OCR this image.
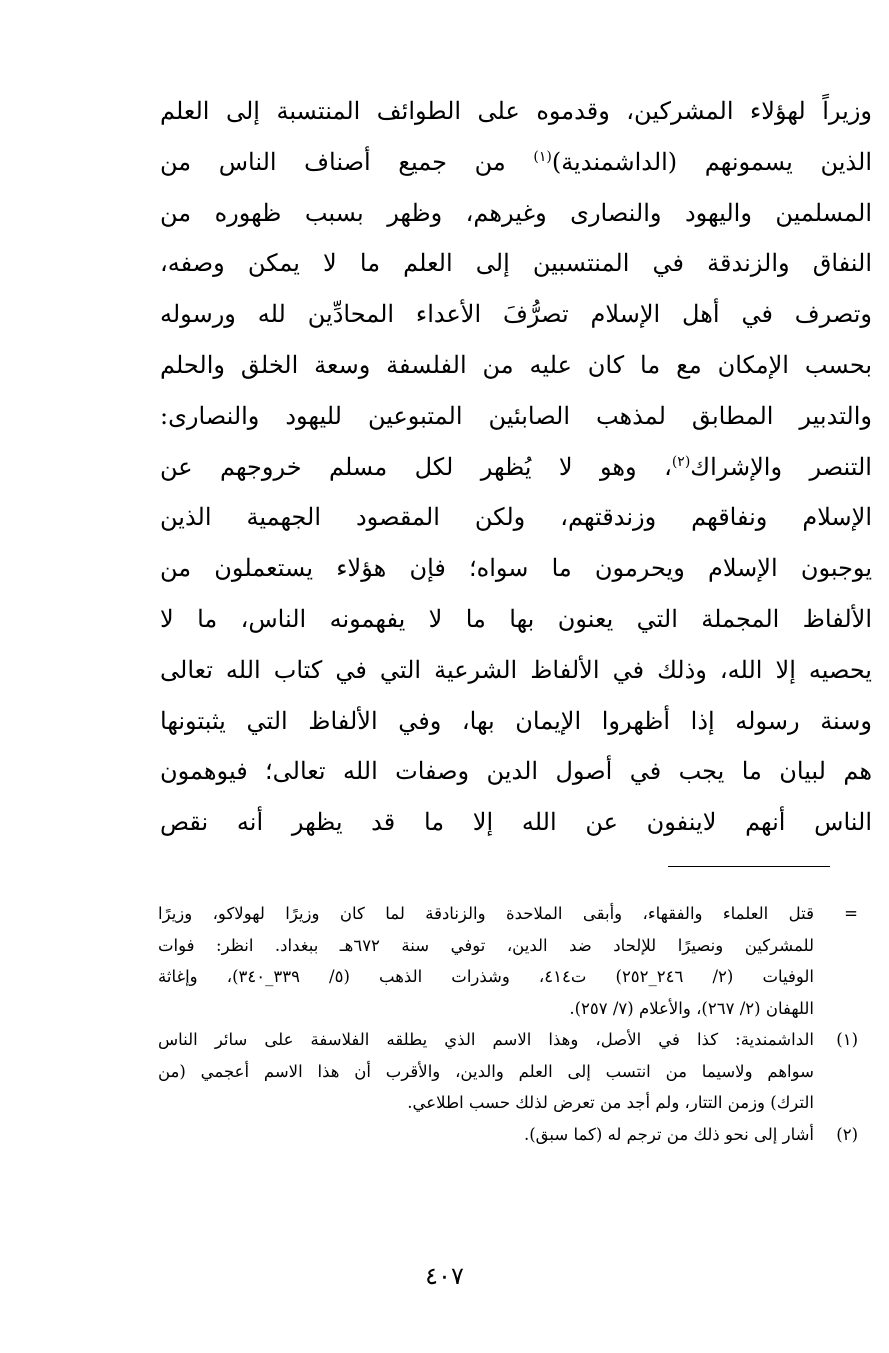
وزيراً لهؤلاء المشركين، وقدموه على الطوائف المنتسبة إلى العلم
الذين يسمونهم (الداشمندية)$^{(١)}$ من جميع أصناف الناس من
المسلمين واليهود والنصارى وغيرهم، وظهر بسبب ظهوره من
النفاق والزندقة في المنتسبين إلى العلم ما لا يمكن وصفه،
وتصرف في أهل الإسلام تصرُّفَ الأعداء المحادِّين لله ورسوله
بحسب الإمكان مع ما كان عليه من الفلسفة وسعة الخلق والحلم
والتدبير المطابق لمذهب الصابئين المتبوعين لليهود والنصارى:
التنصر والإشراك$^{(٢)}$، وهو لا يُظهر لكل مسلم خروجهم عن
الإسلام ونفاقهم وزندقتهم، ولكن المقصود الجهمية الذين
يوجبون الإسلام ويحرمون ما سواه؛ فإن هؤلاء يستعملون من
الألفاظ المجملة التي يعنون بها ما لا يفهمونه الناس، ما لا
يحصيه إلا الله، وذلك في الألفاظ الشرعية التي في كتاب الله تعالى
وسنة رسوله إذا أظهروا الإيمان بها، وفي الألفاظ التي يثبتونها
هم لبيان ما يجب في أصول الدين وصفات الله تعالى؛ فيوهمون
الناس أنهم لاينفون عن الله إلا ما قد يظهر أنه نقص
=
قتل العلماء والفقهاء، وأبقى الملاحدة والزنادقة لما كان وزيرًا لهولاكو، وزيرًا
للمشركين ونصيرًا للإلحاد ضد الدين، توفي سنة ٦٧٢هـ ببغداد. انظر: فوات
الوفيات (٢/ ٢٤٦_٢٥٢) ت٤١٤، وشذرات الذهب (٥/ ٣٣٩_٣٤٠)، وإغاثة
اللهفان (٢/ ٢٦٧)، والأعلام (٧/ ٢٥٧).
(١)
الداشمندية: كذا في الأصل، وهذا الاسم الذي يطلقه الفلاسفة على سائر الناس
سواهم ولاسيما من انتسب إلى العلم والدين، والأقرب أن هذا الاسم أعجمي (من
الترك) وزمن التتار، ولم أجد من تعرض لذلك حسب اطلاعي.
(٢)
أشار إلى نحو ذلك من ترجم له (كما سبق).
٤٠٧
